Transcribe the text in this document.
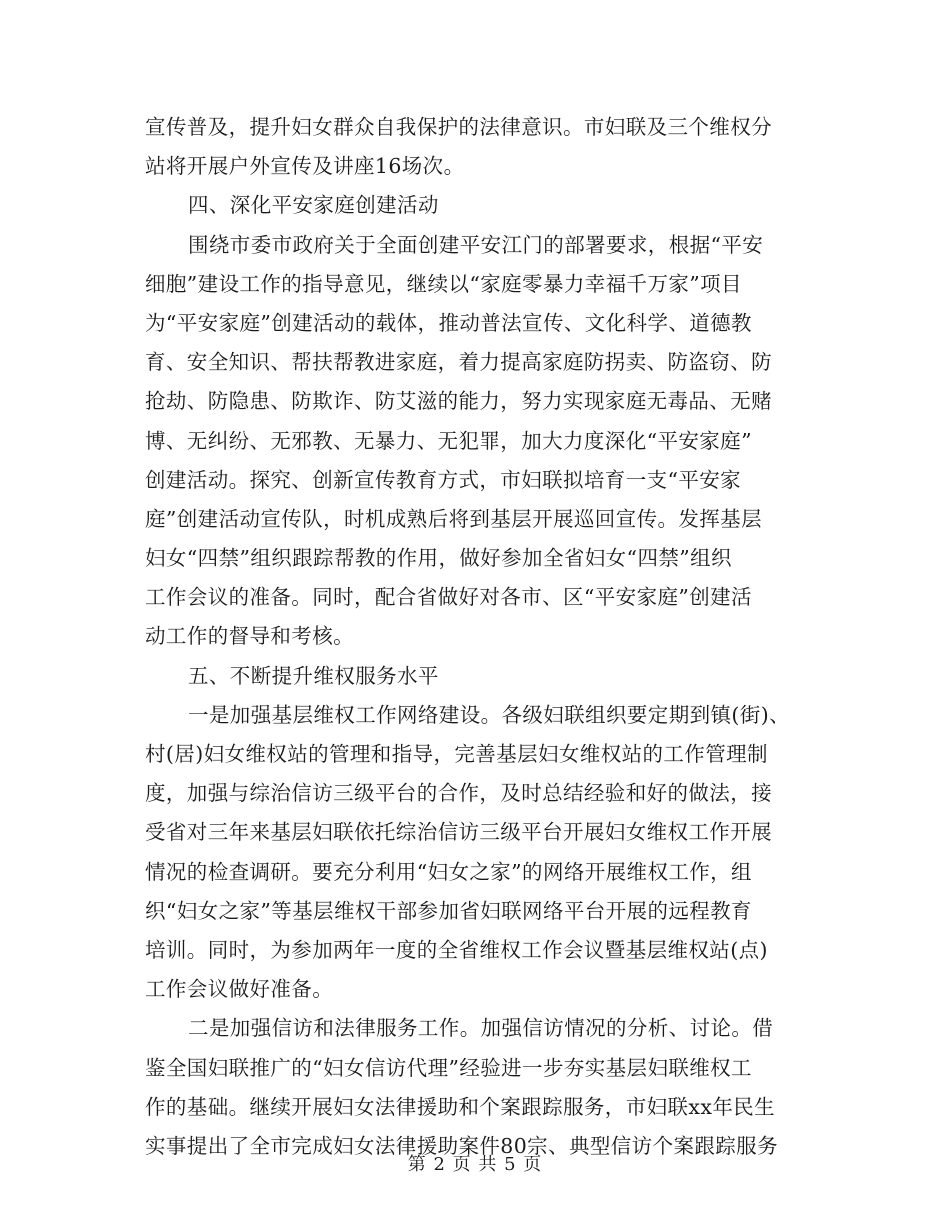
宣传普及，提升妇女群众自我保护的法律意识。市妇联及三个维权分
站将开展户外宣传及讲座16场次。
四、深化平安家庭创建活动
围绕市委市政府关于全面创建平安江门的部署要求，根据“平安
细胞”建设工作的指导意见，继续以“家庭零暴力幸福千万家”项目
为“平安家庭”创建活动的载体，推动普法宣传、文化科学、道德教
育、安全知识、帮扶帮教进家庭，着力提高家庭防拐卖、防盗窃、防
抢劫、防隐患、防欺诈、防艾滋的能力，努力实现家庭无毒品、无赌
博、无纠纷、无邪教、无暴力、无犯罪，加大力度深化“平安家庭”
创建活动。探究、创新宣传教育方式，市妇联拟培育一支“平安家
庭”创建活动宣传队，时机成熟后将到基层开展巡回宣传。发挥基层
妇女“四禁”组织跟踪帮教的作用，做好参加全省妇女“四禁”组织
工作会议的准备。同时，配合省做好对各市、区“平安家庭”创建活
动工作的督导和考核。
五、不断提升维权服务水平
一是加强基层维权工作网络建设。各级妇联组织要定期到镇(街)、
村(居)妇女维权站的管理和指导，完善基层妇女维权站的工作管理制
度，加强与综治信访三级平台的合作，及时总结经验和好的做法，接
受省对三年来基层妇联依托综治信访三级平台开展妇女维权工作开展
情况的检查调研。要充分利用“妇女之家”的网络开展维权工作，组
织“妇女之家”等基层维权干部参加省妇联网络平台开展的远程教育
培训。同时，为参加两年一度的全省维权工作会议暨基层维权站(点)
工作会议做好准备。
二是加强信访和法律服务工作。加强信访情况的分析、讨论。借
鉴全国妇联推广的“妇女信访代理”经验进一步夯实基层妇联维权工
作的基础。继续开展妇女法律援助和个案跟踪服务，市妇联xx年民生
实事提出了全市完成妇女法律援助案件80宗、典型信访个案跟踪服务
第 2 页 共 5 页
